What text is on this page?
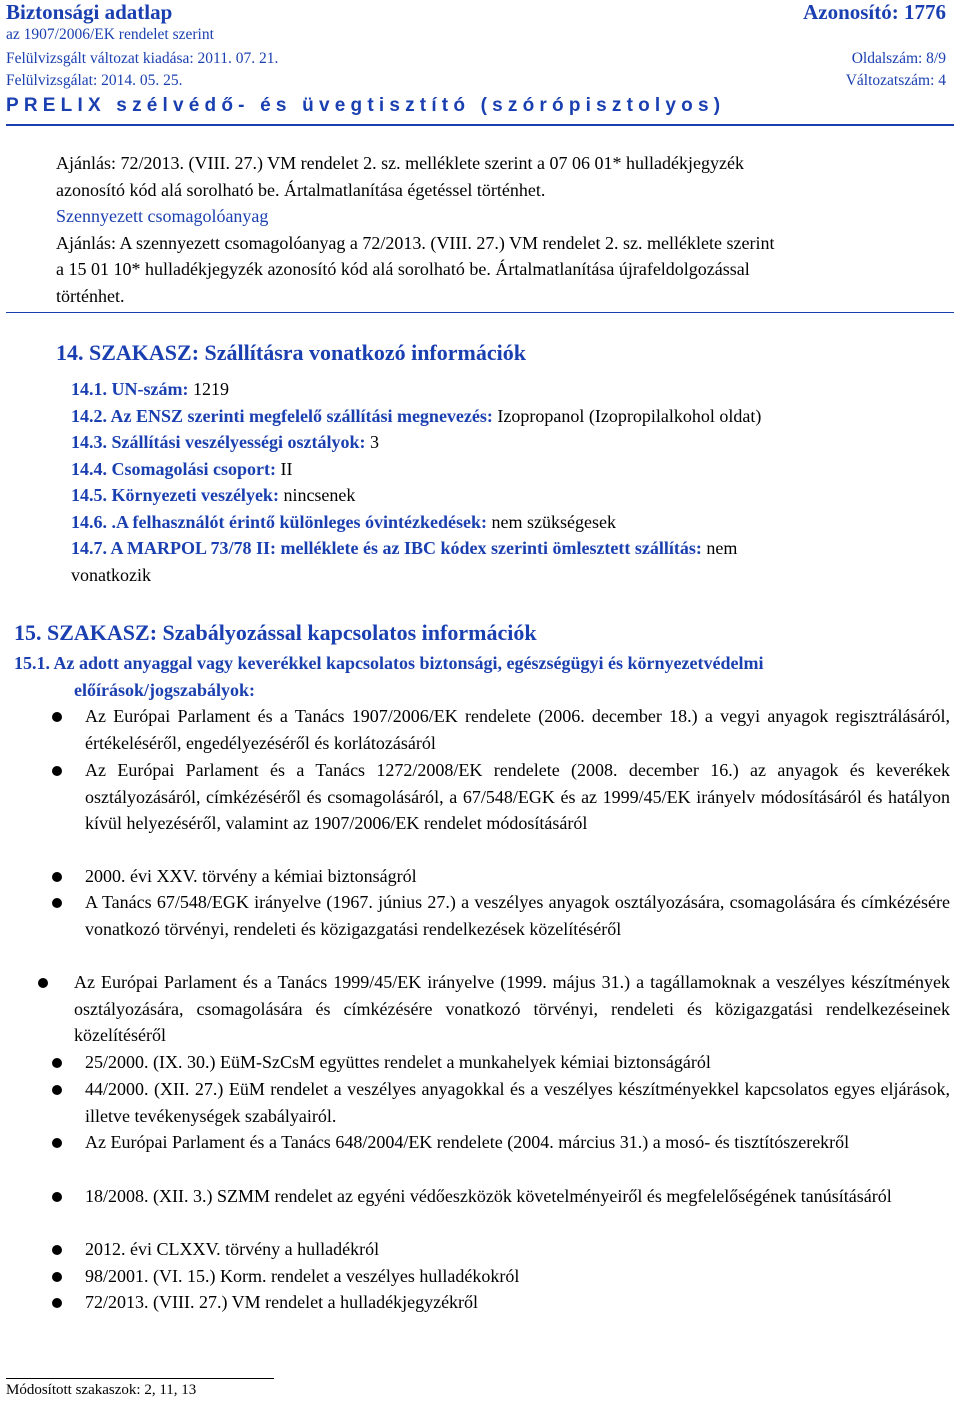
Biztonsági adatlap	Azonosító: 1776
az 1907/2006/EK rendelet szerint
Felülvizsgált változat kiadása: 2011. 07. 21.	Oldalszám: 8/9
Felülvizsgálat: 2014. 05. 25.	Változatszám: 4
PRELIX szélvédő- és üvegtisztító (szórópisztolyos)
Ajánlás: 72/2013. (VIII. 27.) VM rendelet 2. sz. melléklete szerint a 07 06 01* hulladékjegyzék
azonosító kód alá sorolható be. Ártalmatlanítása égetéssel történhet.
Szennyezett csomagolóanyag
Ajánlás: A szennyezett csomagolóanyag a 72/2013. (VIII. 27.) VM rendelet 2. sz. melléklete szerint
a 15 01 10* hulladékjegyzék azonosító kód alá sorolható be. Ártalmatlanítása újrafeldolgozással
történhet.
14. SZAKASZ: Szállításra vonatkozó információk
14.1. UN-szám: 1219
14.2. Az ENSZ szerinti megfelelő szállítási megnevezés: Izopropanol (Izopropilalkohol oldat)
14.3. Szállítási veszélyességi osztályok: 3
14.4. Csomagolási csoport: II
14.5. Környezeti veszélyek: nincsenek
14.6. .A felhasználót érintő különleges óvintézkedések: nem szükségesek
14.7. A MARPOL 73/78 II: melléklete és az IBC kódex szerinti ömlesztett szállítás: nem
vonatkozik
15. SZAKASZ: Szabályozással kapcsolatos információk
15.1. Az adott anyaggal vagy keverékkel kapcsolatos biztonsági, egészségügyi és környezetvédelmi
előírások/jogszabályok:
Az Európai Parlament és a Tanács 1907/2006/EK rendelete (2006. december 18.) a vegyi anyagok regisztrálásáról, értékeléséről, engedélyezéséről és korlátozásáról
Az Európai Parlament és a Tanács 1272/2008/EK rendelete (2008. december 16.) az anyagok és keverékek osztályozásáról, címkézéséről és csomagolásáról, a 67/548/EGK és az 1999/45/EK irányelv módosításáról és hatályon kívül helyezéséről, valamint az 1907/2006/EK rendelet módosításáról
2000. évi XXV. törvény a kémiai biztonságról
A Tanács 67/548/EGK irányelve (1967. június 27.) a veszélyes anyagok osztályozására, csomagolására és címkézésére vonatkozó törvényi, rendeleti és közigazgatási rendelkezések közelítéséről
Az Európai Parlament és a Tanács 1999/45/EK irányelve (1999. május 31.) a tagállamoknak a veszélyes készítmények osztályozására, csomagolására és címkézésére vonatkozó törvényi, rendeleti és közigazgatási rendelkezéseinek közelítéséről
25/2000. (IX. 30.) EüM-SzCsM együttes rendelet a munkahelyek kémiai biztonságáról
44/2000. (XII. 27.) EüM rendelet a veszélyes anyagokkal és a veszélyes készítményekkel kapcsolatos egyes eljárások, illetve tevékenységek szabályairól.
Az Európai Parlament és a Tanács 648/2004/EK rendelete (2004. március 31.) a mosó- és tisztítószerekről
18/2008. (XII. 3.) SZMM rendelet az egyéni védőeszközök követelményeiről és megfelelőségének tanúsításáról
2012. évi CLXXV. törvény a hulladékról
98/2001. (VI. 15.) Korm. rendelet a veszélyes hulladékokról
72/2013. (VIII. 27.) VM rendelet a hulladékjegyzékről
Módosított szakaszok: 2, 11, 13
